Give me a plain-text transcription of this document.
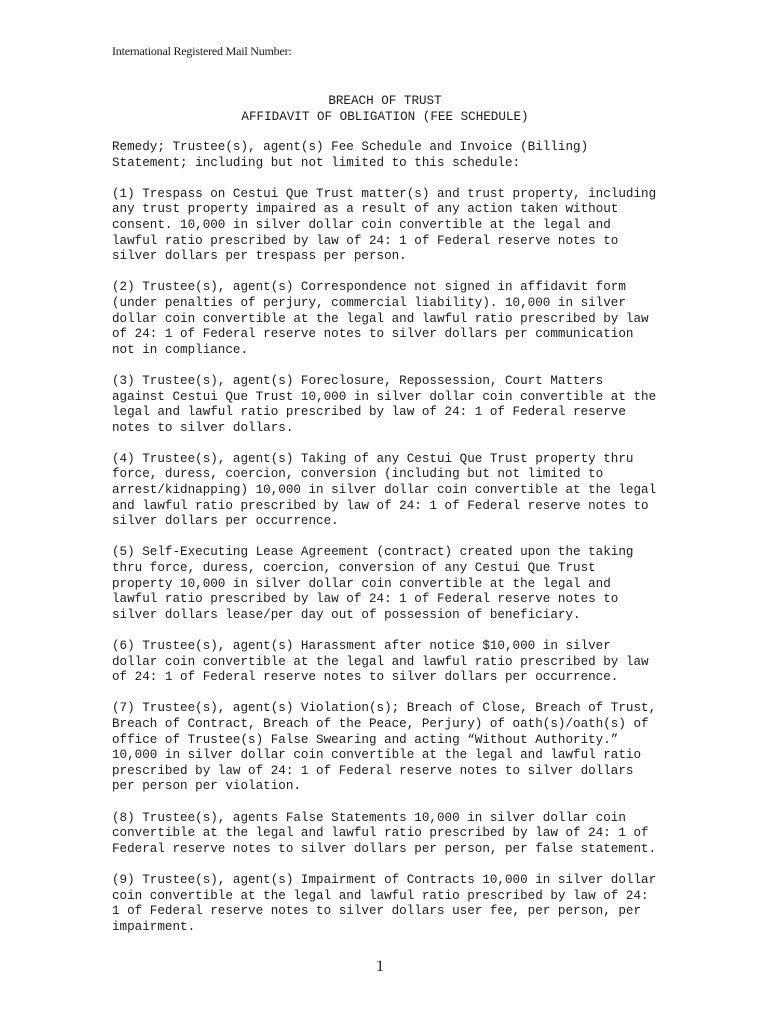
International Registered Mail Number:
BREACH OF TRUST
AFFIDAVIT OF OBLIGATION (FEE SCHEDULE)
Remedy; Trustee(s), agent(s) Fee Schedule and Invoice (Billing)
Statement; including but not limited to this schedule:
(1) Trespass on Cestui Que Trust matter(s) and trust property, including
any trust property impaired as a result of any action taken without
consent. 10,000 in silver dollar coin convertible at the legal and
lawful ratio prescribed by law of 24: 1 of Federal reserve notes to
silver dollars per trespass per person.
(2) Trustee(s), agent(s) Correspondence not signed in affidavit form
(under penalties of perjury, commercial liability). 10,000 in silver
dollar coin convertible at the legal and lawful ratio prescribed by law
of 24: 1 of Federal reserve notes to silver dollars per communication
not in compliance.
(3) Trustee(s), agent(s) Foreclosure, Repossession, Court Matters
against Cestui Que Trust 10,000 in silver dollar coin convertible at the
legal and lawful ratio prescribed by law of 24: 1 of Federal reserve
notes to silver dollars.
(4) Trustee(s), agent(s) Taking of any Cestui Que Trust property thru
force, duress, coercion, conversion (including but not limited to
arrest/kidnapping) 10,000 in silver dollar coin convertible at the legal
and lawful ratio prescribed by law of 24: 1 of Federal reserve notes to
silver dollars per occurrence.
(5) Self-Executing Lease Agreement (contract) created upon the taking
thru force, duress, coercion, conversion of any Cestui Que Trust
property 10,000 in silver dollar coin convertible at the legal and
lawful ratio prescribed by law of 24: 1 of Federal reserve notes to
silver dollars lease/per day out of possession of beneficiary.
(6) Trustee(s), agent(s) Harassment after notice $10,000 in silver
dollar coin convertible at the legal and lawful ratio prescribed by law
of 24: 1 of Federal reserve notes to silver dollars per occurrence.
(7) Trustee(s), agent(s) Violation(s); Breach of Close, Breach of Trust,
Breach of Contract, Breach of the Peace, Perjury) of oath(s)/oath(s) of
office of Trustee(s) False Swearing and acting “Without Authority.”
10,000 in silver dollar coin convertible at the legal and lawful ratio
prescribed by law of 24: 1 of Federal reserve notes to silver dollars
per person per violation.
(8) Trustee(s), agents False Statements 10,000 in silver dollar coin
convertible at the legal and lawful ratio prescribed by law of 24: 1 of
Federal reserve notes to silver dollars per person, per false statement.
(9) Trustee(s), agent(s) Impairment of Contracts 10,000 in silver dollar
coin convertible at the legal and lawful ratio prescribed by law of 24:
1 of Federal reserve notes to silver dollars user fee, per person, per
impairment.
1
